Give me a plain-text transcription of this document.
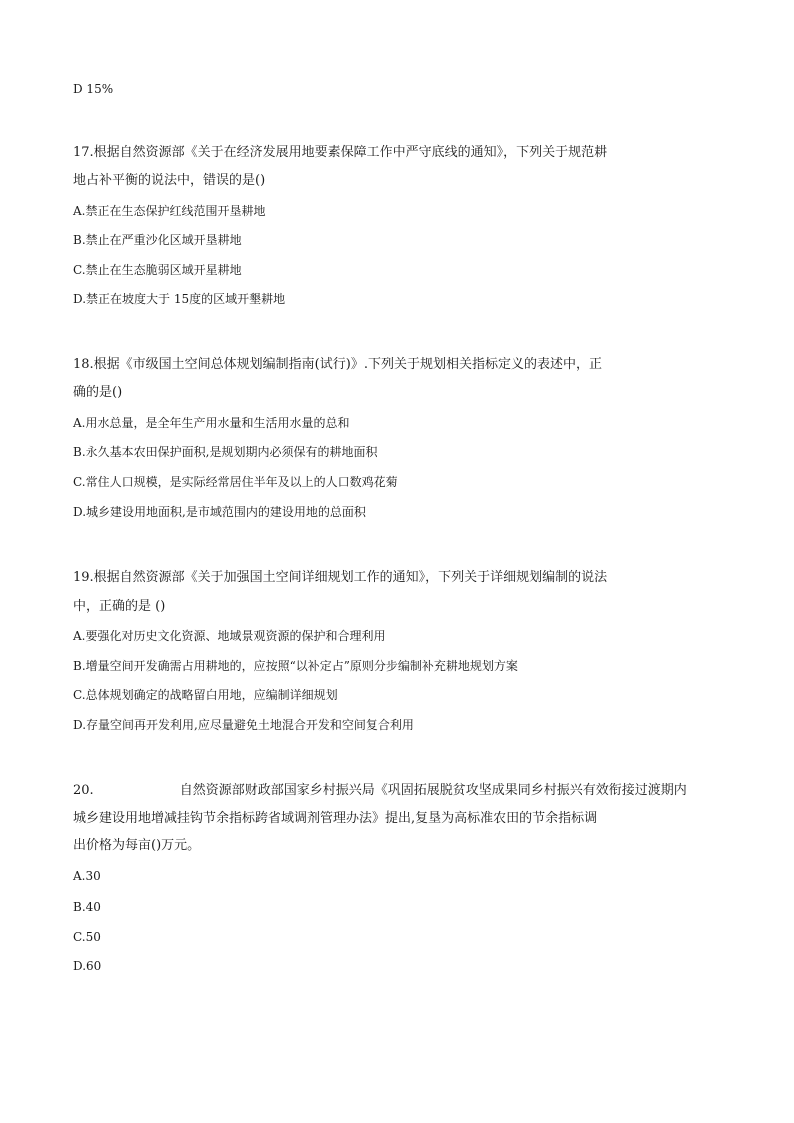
D 15%
17.根据自然资源部《关于在经济发展用地要素保障工作中严守底线的通知》，下列关于规范耕
地占补平衡的说法中，错误的是()
A.禁正在生态保护红线范围开垦耕地
B.禁止在严重沙化区域开垦耕地
C.禁止在生态脆弱区域开星耕地
D.禁正在坡度大于 15度的区域开墾耕地
18.根据《市级国土空间总体规划编制指南(试行)》.下列关于规划相关指标定义的表述中，正
确的是()
A.用水总量，是全年生产用水量和生活用水量的总和
B.永久基本农田保护面积,是规划期内必须保有的耕地面积
C.常住人口规模，是实际经常居住半年及以上的人口数鸡花菊
D.城乡建设用地面积,是市域范围内的建设用地的总面积
19.根据自然资源部《关于加强国土空间详细规划工作的通知》，下列关于详细规划编制的说法
中，正确的是 ()
A.要强化对历史文化资源、地域景观资源的保护和合理利用
B.增量空间开发确需占用耕地的，应按照“以补定占”原则分步编制补充耕地规划方案
C.总体规划确定的战略留白用地，应编制详细规划
D.存量空间再开发利用,应尽量避免土地混合开发和空间复合利用
20.	自然资源部财政部国家乡村振兴局《巩固拓展脱贫攻坚成果同乡村振兴有效衔接过渡期内
城乡建设用地增减挂钩节余指标跨省域调剂管理办法》提出,复垦为高标准农田的节余指标调
出价格为每亩()万元。
A.30
B.40
C.50
D.60
